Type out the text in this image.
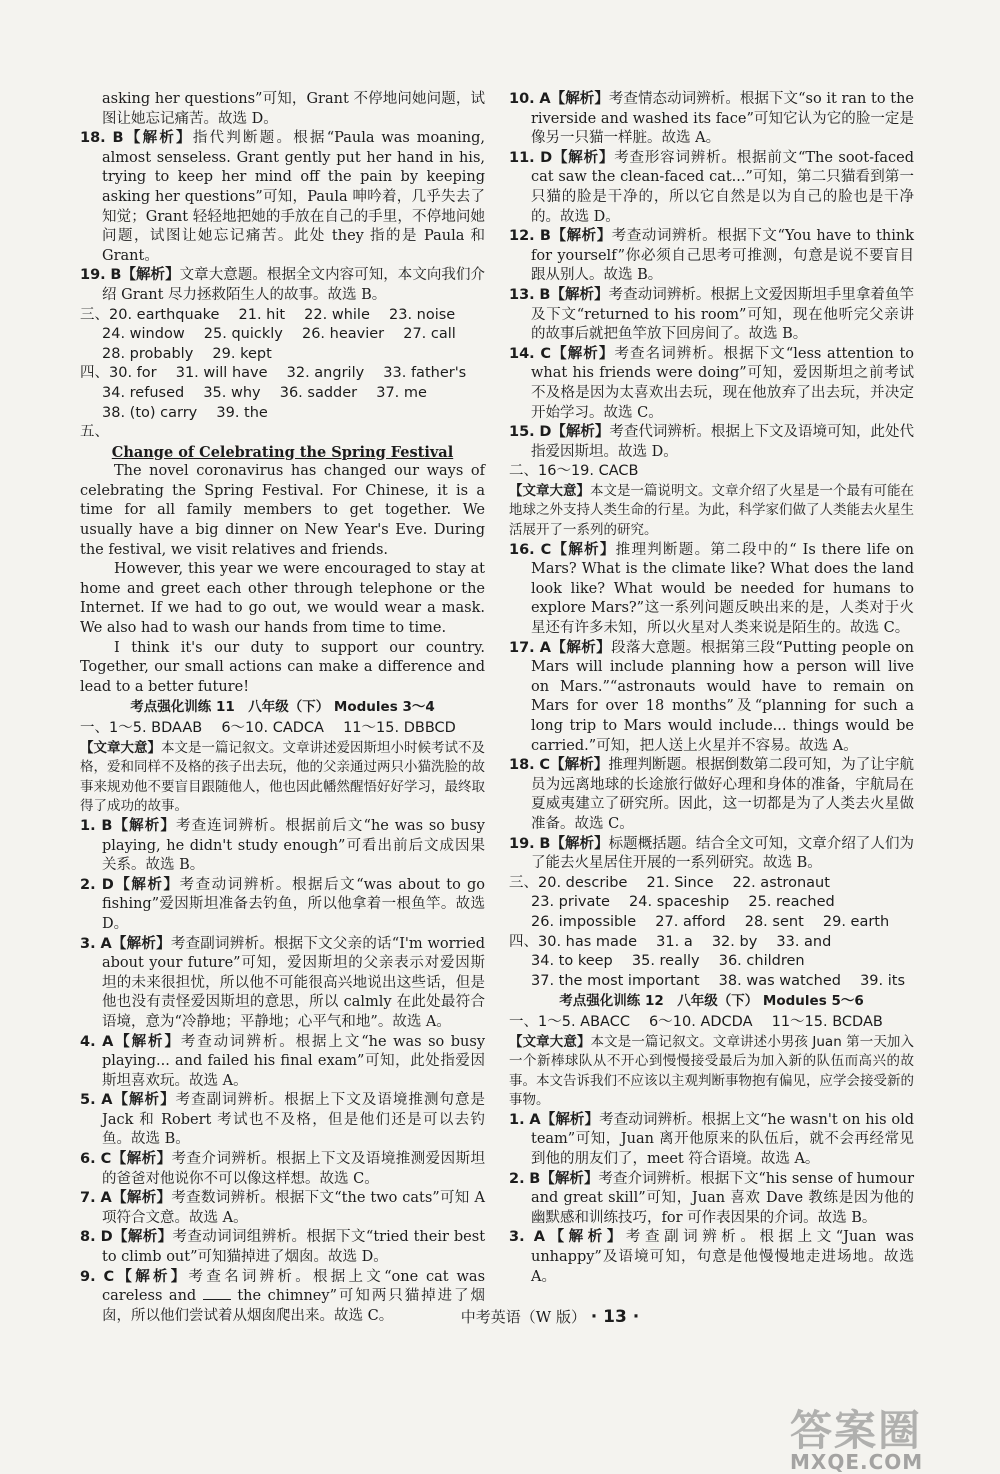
asking her questions”可知，Grant 不停地问她问题，试图让她忘记痛苦。故选 D。

18. B【解析】指代判断题。根据“Paula was moaning, almost senseless. Grant gently put her hand in his, trying to keep her mind off the pain by keeping asking her questions”可知，Paula 呻吟着，几乎失去了知觉；Grant 轻轻地把她的手放在自己的手里，不停地问她问题，试图让她忘记痛苦。此处 they 指的是 Paula 和 Grant。

19. B【解析】文章大意题。根据全文内容可知，本文向我们介绍 Grant 尽力拯救陌生人的故事。故选 B。

三、20. earthquake  21. hit  22. while  23. noise

24. window  25. quickly  26. heavier  27. call

28. probably  29. kept

四、30. for  31. will have  32. angrily  33. father's

34. refused  35. why  36. sadder  37. me

38. (to) carry  39. the

五、

Change of Celebrating the Spring Festival

The novel coronavirus has changed our ways of celebrating the Spring Festival. For Chinese, it is a time for all family members to get together. We usually have a big dinner on New Year's Eve. During the festival, we visit relatives and friends.

However, this year we were encouraged to stay at home and greet each other through telephone or the Internet. If we had to go out, we would wear a mask. We also had to wash our hands from time to time.

I think it's our duty to support our country. Together, our small actions can make a difference and lead to a better future!

考点强化训练 11 八年级（下） Modules 3～4

一、1～5. BDAAB  6～10. CADCA  11～15. DBBCD

【文章大意】本文是一篇记叙文。文章讲述爱因斯坦小时候考试不及格，爱和同样不及格的孩子出去玩，他的父亲通过两只小猫洗脸的故事来规劝他不要盲目跟随他人，他也因此幡然醒悟好好学习，最终取得了成功的故事。

1. B【解析】考查连词辨析。根据前后文“he was so busy playing, he didn't study enough”可看出前后文成因果关系。故选 B。

2. D【解析】考查动词辨析。根据后文“was about to go fishing”爱因斯坦准备去钓鱼，所以他拿着一根鱼竿。故选 D。

3. A【解析】考查副词辨析。根据下文父亲的话“I'm worried about your future”可知，爱因斯坦的父亲表示对爱因斯坦的未来很担忧，所以他不可能很高兴地说出这些话，但是他也没有责怪爱因斯坦的意思，所以 calmly 在此处最符合语境，意为“冷静地；平静地；心平气和地”。故选 A。

4. A【解析】考查动词辨析。根据上文“he was so busy playing... and failed his final exam”可知，此处指爱因斯坦喜欢玩。故选 A。

5. A【解析】考查副词辨析。根据上下文及语境推测句意是 Jack 和 Robert 考试也不及格，但是他们还是可以去钓鱼。故选 B。

6. C【解析】考查介词辨析。根据上下文及语境推测爱因斯坦的爸爸对他说你不可以像这样想。故选 C。

7. A【解析】考查数词辨析。根据下文“the two cats”可知 A 项符合文意。故选 A。

8. D【解析】考查动词词组辨析。根据下文“tried their best to climb out”可知猫掉进了烟囱。故选 D。

9. C【解析】考查名词辨析。根据上文“one cat was careless and  the chimney”可知两只猫掉进了烟囱，所以他们尝试着从烟囱爬出来。故选 C。

10. A【解析】考查情态动词辨析。根据下文“so it ran to the riverside and washed its face”可知它认为它的脸一定是像另一只猫一样脏。故选 A。

11. D【解析】考查形容词辨析。根据前文“The soot-faced cat saw the clean-faced cat...”可知，第二只猫看到第一只猫的脸是干净的，所以它自然是以为自己的脸也是干净的。故选 D。

12. B【解析】考查动词辨析。根据下文“You have to think for yourself”你必须自己思考可推测，句意是说不要盲目跟从别人。故选 B。

13. B【解析】考查动词辨析。根据上文爱因斯坦手里拿着鱼竿及下文“returned to his room”可知，现在他听完父亲讲的故事后就把鱼竿放下回房间了。故选 B。

14. C【解析】考查名词辨析。根据下文“less attention to what his friends were doing”可知，爱因斯坦之前考试不及格是因为太喜欢出去玩，现在他放弃了出去玩，并决定开始学习。故选 C。

15. D【解析】考查代词辨析。根据上下文及语境可知，此处代指爱因斯坦。故选 D。

二、16～19. CACB

【文章大意】本文是一篇说明文。文章介绍了火星是一个最有可能在地球之外支持人类生命的行星。为此，科学家们做了人类能去火星生活展开了一系列的研究。

16. C【解析】推理判断题。第二段中的“ Is there life on Mars? What is the climate like? What does the land look like? What would be needed for humans to explore Mars?”这一系列问题反映出来的是，人类对于火星还有许多未知，所以火星对人类来说是陌生的。故选 C。

17. A【解析】段落大意题。根据第三段“Putting people on Mars will include planning how a person will live on Mars.”“astronauts would have to remain on Mars for over 18 months”及“planning for such a long trip to Mars would include... things would be carried.”可知，把人送上火星并不容易。故选 A。

18. C【解析】推理判断题。根据倒数第二段可知，为了让宇航员为远离地球的长途旅行做好心理和身体的准备，宇航局在夏威夷建立了研究所。因此，这一切都是为了人类去火星做准备。故选 C。

19. B【解析】标题概括题。结合全文可知，文章介绍了人们为了能去火星居住开展的一系列研究。故选 B。

三、20. describe  21. Since  22. astronaut

23. private  24. spaceship  25. reached

26. impossible  27. afford  28. sent  29. earth

四、30. has made  31. a  32. by  33. and

34. to keep  35. really  36. children

37. the most important  38. was watched  39. its

考点强化训练 12 八年级（下） Modules 5～6

一、1～5. ABACC  6～10. ADCDA  11～15. BCDAB

【文章大意】本文是一篇记叙文。文章讲述小男孩 Juan 第一天加入一个新棒球队从不开心到慢慢接受最后为加入新的队伍而高兴的故事。本文告诉我们不应该以主观判断事物抱有偏见，应学会接受新的事物。

1. A【解析】考查动词辨析。根据上文“he wasn't on his old team”可知，Juan 离开他原来的队伍后，就不会再经常见到他的朋友们了，meet 符合语境。故选 A。

2. B【解析】考查介词辨析。根据下文“his sense of humour and great skill”可知，Juan 喜欢 Dave 教练是因为他的幽默感和训练技巧，for 可作表因果的介词。故选 B。

3. A【解析】考查副词辨析。根据上文“Juan was unhappy”及语境可知，句意是他慢慢地走进场地。故选 A。

中考英语（W 版） · 13 ·
答案圈
MXQE.COM
